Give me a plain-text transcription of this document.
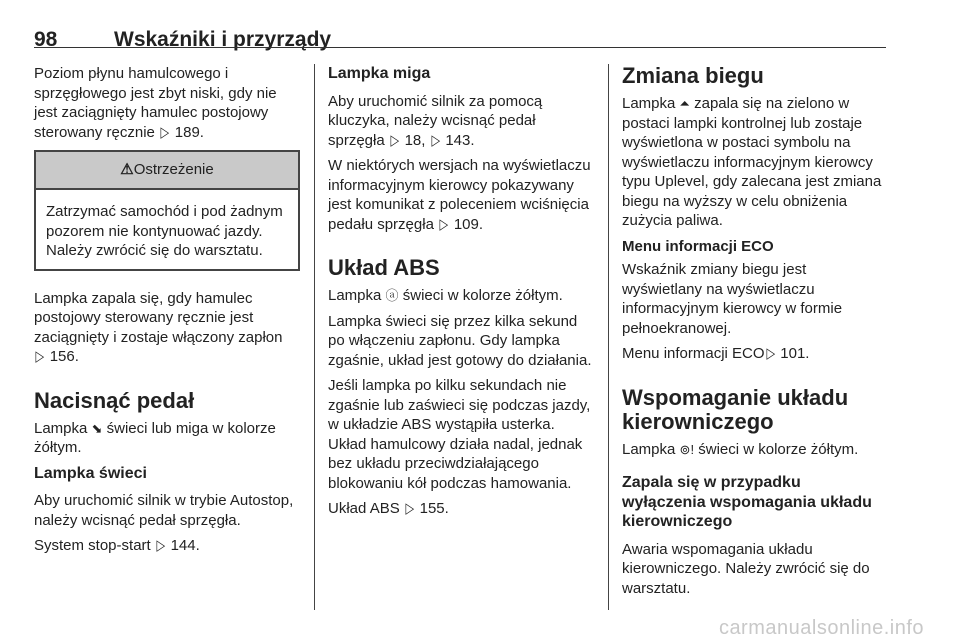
98	Wskaźniki i przyrządy

Poziom płynu hamulcowego i sprzęgłowego jest zbyt niski, gdy nie jest zaciągnięty hamulec postojowy sterowany ręcznie ▷ 189.

⚠Ostrzeżenie
Zatrzymać samochód i pod żadnym pozorem nie kontynuować jazdy. Należy zwrócić się do warsztatu.

Lampka zapala się, gdy hamulec postojowy sterowany ręcznie jest zaciągnięty i zostaje włączony zapłon
▷ 156.

Nacisnąć pedał

Lampka ⬊ świeci lub miga w kolorze żółtym.

Lampka świeci

Aby uruchomić silnik w trybie Autostop, należy wcisnąć pedał sprzęgła.

System stop-start ▷ 144.

Lampka miga

Aby uruchomić silnik za pomocą kluczyka, należy wcisnąć pedał sprzęgła ▷ 18, ▷ 143.

W niektórych wersjach na wyświetlaczu informacyjnym kierowcy pokazywany jest komunikat z poleceniem wciśnięcia pedału sprzęgła ▷ 109.

Układ ABS

Lampka ⓐ świeci w kolorze żółtym.

Lampka świeci się przez kilka sekund po włączeniu zapłonu. Gdy lampka zgaśnie, układ jest gotowy do działania.

Jeśli lampka po kilku sekundach nie zgaśnie lub zaświeci się podczas jazdy, w układzie ABS wystąpiła usterka. Układ hamulcowy działa nadal, jednak bez układu przeciwdziałającego blokowaniu kół podczas hamowania.

Układ ABS ▷ 155.

Zmiana biegu

Lampka ⏶ zapala się na zielono w postaci lampki kontrolnej lub zostaje wyświetlona w postaci symbolu na wyświetlaczu informacyjnym kierowcy typu Uplevel, gdy zalecana jest zmiana biegu na wyższy w celu obniżenia zużycia paliwa.

Menu informacji ECO

Wskaźnik zmiany biegu jest wyświetlany na wyświetlaczu informacyjnym kierowcy w formie pełnoekranowej.

Menu informacji ECO▷ 101.

Wspomaganie układu kierowniczego

Lampka ⊚! świeci w kolorze żółtym.

Zapala się w przypadku wyłączenia wspomagania układu kierowniczego

Awaria wspomagania układu kierowniczego. Należy zwrócić się do warsztatu.

carmanualsonline.info
